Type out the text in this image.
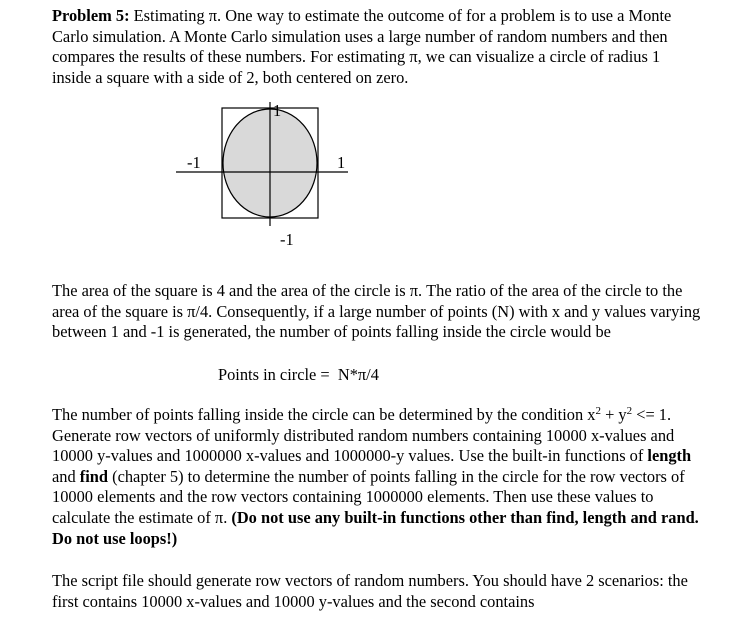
Problem 5: Estimating π. One way to estimate the outcome of for a problem is to use a Monte Carlo simulation. A Monte Carlo simulation uses a large number of random numbers and then compares the results of these numbers. For estimating π, we can visualize a circle of radius 1 inside a square with a side of 2, both centered on zero.

1
-1	1
-1

The area of the square is 4 and the area of the circle is π. The ratio of the area of the circle to the area of the square is π/4. Consequently, if a large number of points (N) with x and y values varying between 1 and -1 is generated, the number of points falling inside the circle would be

Points in circle = N*π/4

The number of points falling inside the circle can be determined by the condition $x^2 + y^2 <= 1$. Generate row vectors of uniformly distributed random numbers containing 10000 x-values and 10000 y-values and 1000000 x-values and 1000000-y values. Use the built-in functions of length and find (chapter 5) to determine the number of points falling in the circle for the row vectors of 10000 elements and the row vectors containing 1000000 elements. Then use these values to calculate the estimate of π. (Do not use any built-in functions other than find, length and rand. Do not use loops!)

The script file should generate row vectors of random numbers. You should have 2 scenarios: the first contains 10000 x-values and 10000 y-values and the second contains
